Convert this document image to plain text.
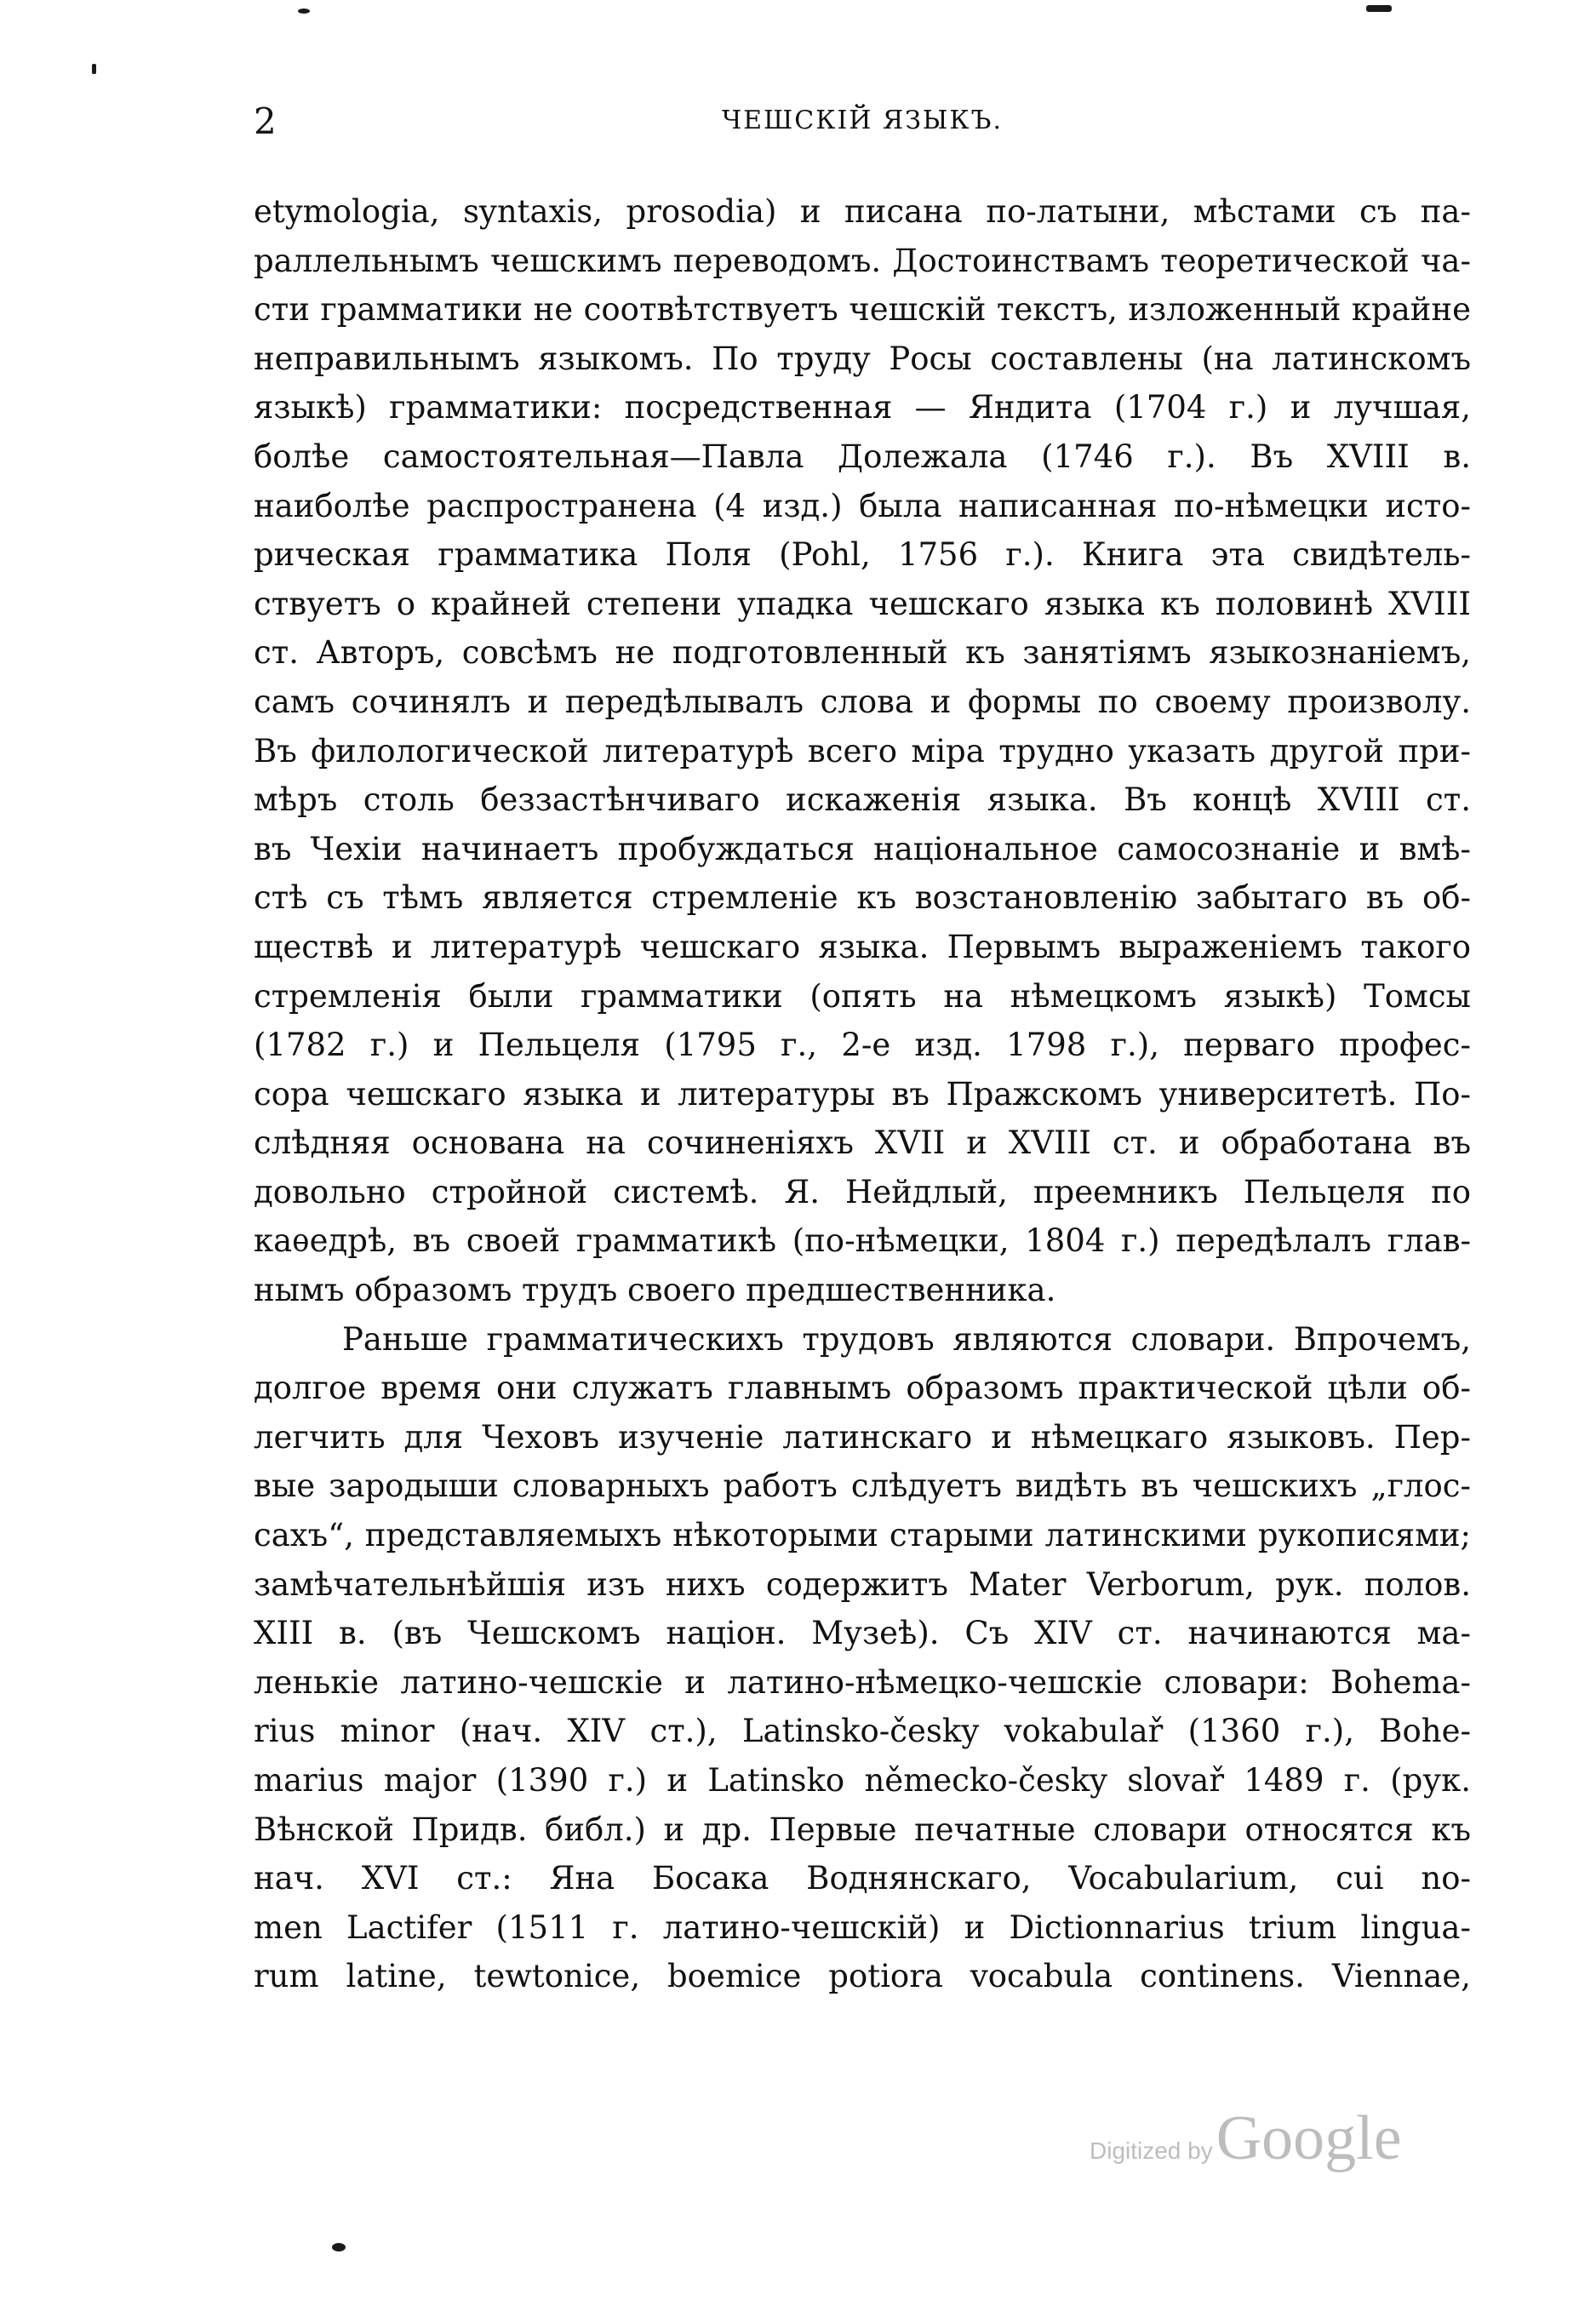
2	ЧЕШСКІЙ ЯЗЫКЪ.
etymologia, syntaxis, prosodia) и писана по-латыни, мѣстами съ па-
раллельнымъ чешскимъ переводомъ. Достоинствамъ теоретической ча-
сти грамматики не соотвѣтствуетъ чешскій текстъ, изложенный крайне
неправильнымъ языкомъ. По труду Росы составлены (на латинскомъ
языкѣ) грамматики: посредственная — Яндита (1704 г.) и лучшая,
болѣе самостоятельная—Павла Долежала (1746 г.). Въ XVIII в.
наиболѣе распространена (4 изд.) была написанная по-нѣмецки исто-
рическая грамматика Поля (Pohl, 1756 г.). Книга эта свидѣтель-
ствуетъ о крайней степени упадка чешскаго языка къ половинѣ XVIII
ст. Авторъ, совсѣмъ не подготовленный къ занятіямъ языкознаніемъ,
самъ сочинялъ и передѣлывалъ слова и формы по своему произволу.
Въ филологической литературѣ всего міра трудно указать другой при-
мѣръ столь беззастѣнчиваго искаженія языка. Въ концѣ XVIII ст.
въ Чехіи начинаетъ пробуждаться національное самосознаніе и вмѣ-
стѣ съ тѣмъ является стремленіе къ возстановленію забытаго въ об-
ществѣ и литературѣ чешскаго языка. Первымъ выраженіемъ такого
стремленія были грамматики (опять на нѣмецкомъ языкѣ) Томсы
(1782 г.) и Пельцеля (1795 г., 2-е изд. 1798 г.), перваго профес-
сора чешскаго языка и литературы въ Пражскомъ университетѣ. По-
слѣдняя основана на сочиненіяхъ XVII и XVIII ст. и обработана въ
довольно стройной системѣ. Я. Нейдлый, преемникъ Пельцеля по
каѳедрѣ, въ своей грамматикѣ (по-нѣмецки, 1804 г.) передѣлалъ глав-
нымъ образомъ трудъ своего предшественника.
Раньше грамматическихъ трудовъ являются словари. Впрочемъ,
долгое время они служатъ главнымъ образомъ практической цѣли об-
легчить для Чеховъ изученіе латинскаго и нѣмецкаго языковъ. Пер-
вые зародыши словарныхъ работъ слѣдуетъ видѣть въ чешскихъ „глос-
сахъ“, представляемыхъ нѣкоторыми старыми латинскими рукописями;
замѣчательнѣйшія изъ нихъ содержитъ Mater Verborum, рук. полов.
XIII в. (въ Чешскомъ націон. Музеѣ). Съ XIV ст. начинаются ма-
ленькіе латино-чешскіе и латино-нѣмецко-чешскіе словари: Bohema-
rius minor (нач. XIV ст.), Latinsko-česky vokabulař (1360 г.), Bohe-
marius major (1390 г.) и Latinsko německo-česky slovař 1489 г. (рук.
Вѣнской Придв. библ.) и др. Первые печатные словари относятся къ
нач. XVI ст.: Яна Босака Воднянскаго, Vocabularium, cui no-
men Lactifer (1511 г. латино-чешскій) и Dictionnarius trium lingua-
rum latine, tewtonice, boemice potiora vocabula continens. Viennae,
Digitized by Google
